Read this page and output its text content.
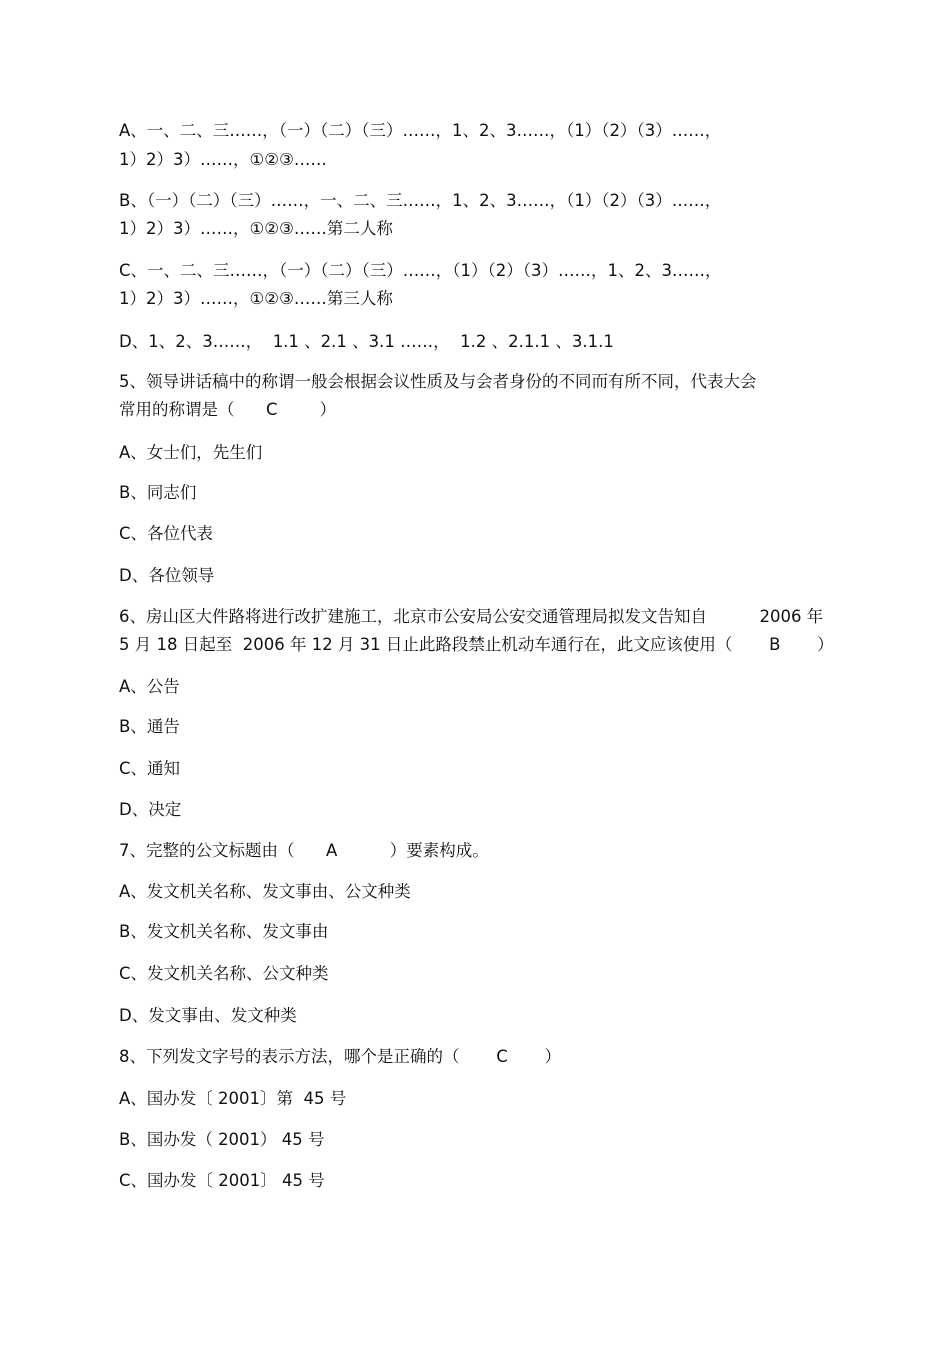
A、一、二、三……，（一）（二）（三）……，1、2、3……，（1）（2）（3）……，
1）2）3）……，①②③……
B、（一）（二）（三）……，一、二、三……，1、2、3……，（1）（2）（3）……，
1）2）3）……，①②③……第二人称
C、一、二、三……，（一）（二）（三）……，（1）（2）（3）……，1、2、3……，
1）2）3）……，①②③……第三人称
D、1、2、3……，  1.1 、2.1 、3.1 ……，  1.2 、2.1.1 、3.1.1
5、领导讲话稿中的称谓一般会根据会议性质及与会者身份的不同而有所不同，代表大会
常用的称谓是（      C        ）
A、女士们，先生们
B、同志们
C、各位代表
D、各位领导
6、房山区大件路将进行改扩建施工，北京市公安局公安交通管理局拟发文告知自          2006 年
5 月 18 日起至  2006 年 12 月 31 日止此路段禁止机动车通行在，此文应该使用（       B       ）
A、公告
B、通告
C、通知
D、决定
7、完整的公文标题由（      A          ）要素构成。
A、发文机关名称、发文事由、公文种类
B、发文机关名称、发文事由
C、发文机关名称、公文种类
D、发文事由、发文种类
8、下列发文字号的表示方法，哪个是正确的（       C       ）
A、国办发〔 2001〕第  45 号
B、国办发（ 2001） 45 号
C、国办发〔 2001〕 45 号
